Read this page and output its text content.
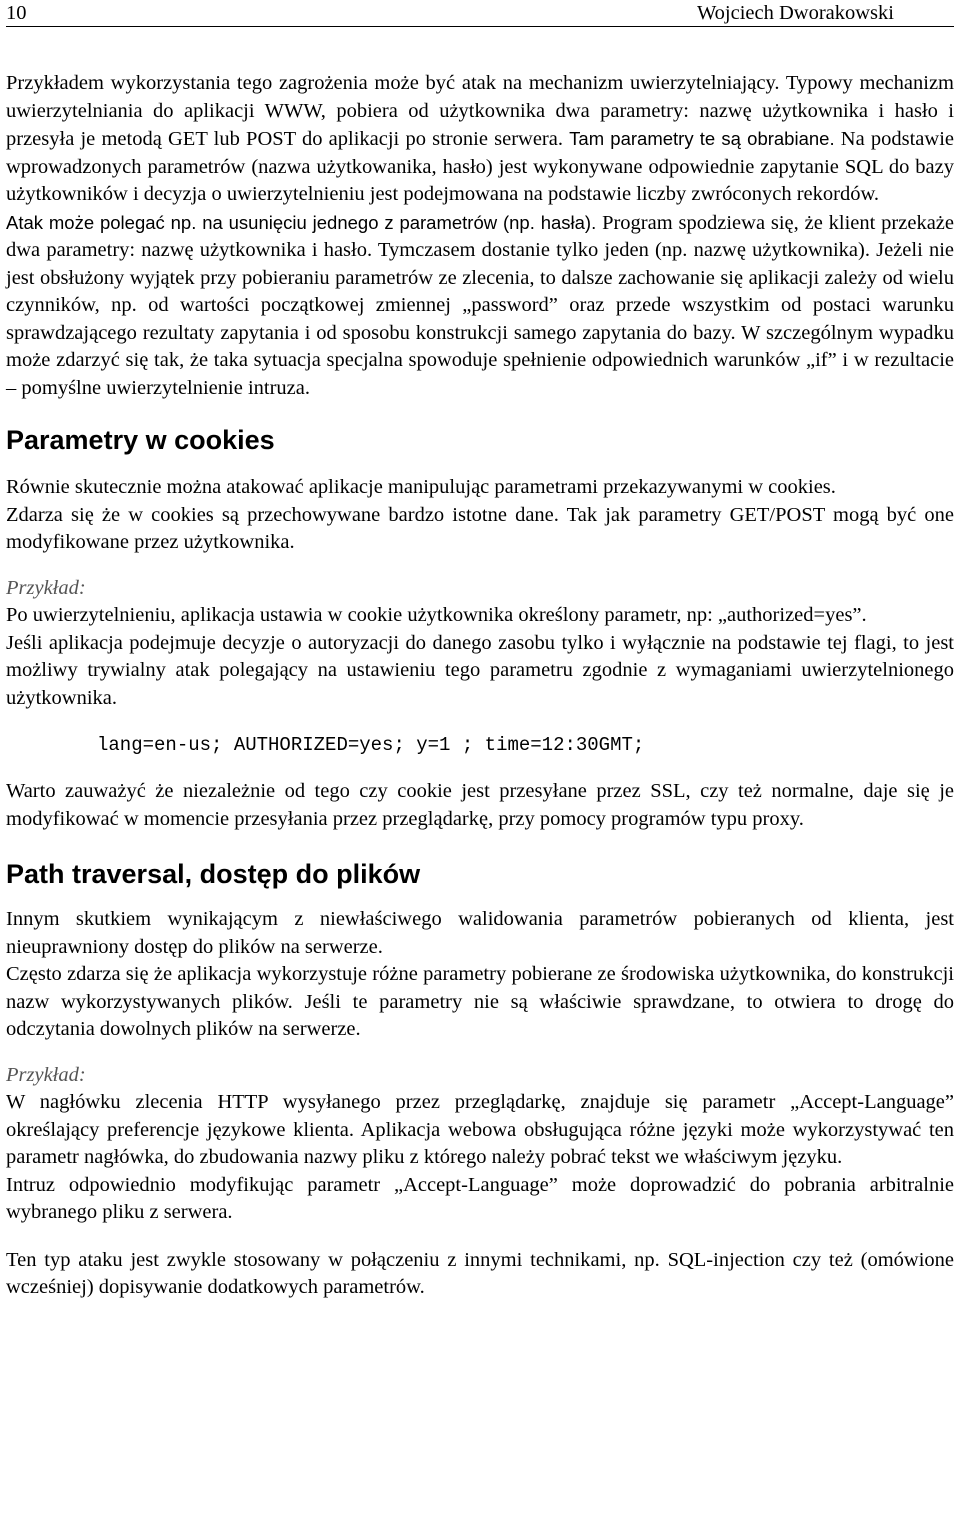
10	Wojciech Dworakowski

Przykładem wykorzystania tego zagrożenia może być atak na mechanizm uwierzytelniający. Typowy mechanizm uwierzytelniania do aplikacji WWW, pobiera od użytkownika dwa parametry: nazwę użytkownika i hasło i przesyła je metodą GET lub POST do aplikacji po stronie serwera. Tam parametry te są obrabiane. Na podstawie wprowadzonych parametrów (nazwa użytkowanika, hasło) jest wykonywane odpowiednie zapytanie SQL do bazy użytkowników i decyzja o uwierzytelnieniu jest podejmowana na podstawie liczby zwróconych rekordów.
Atak może polegać np. na usunięciu jednego z parametrów (np. hasła). Program spodziewa się, że klient przekaże dwa parametry: nazwę użytkownika i hasło. Tymczasem dostanie tylko jeden (np. nazwę użytkownika). Jeżeli nie jest obsłużony wyjątek przy pobieraniu parametrów ze zlecenia, to dalsze zachowanie się aplikacji zależy od wielu czynników, np. od wartości początkowej zmiennej „password” oraz przede wszystkim od postaci warunku sprawdzającego rezultaty zapytania i od sposobu konstrukcji samego zapytania do bazy. W szczególnym wypadku może zdarzyć się tak, że taka sytuacja specjalna spowoduje spełnienie odpowiednich warunków „if” i w rezultacie – pomyślne uwierzytelnienie intruza.

Parametry w cookies

Równie skutecznie można atakować aplikacje manipulując parametrami przekazywanymi w cookies.

Zdarza się że w cookies są przechowywane bardzo istotne dane. Tak jak parametry GET/POST mogą być one modyfikowane przez użytkownika.

Przykład:

Po uwierzytelnieniu, aplikacja ustawia w cookie użytkownika określony parametr, np: „authorized=yes”.

Jeśli aplikacja podejmuje decyzje o autoryzacji do danego zasobu tylko i wyłącznie na podstawie tej flagi, to jest możliwy trywialny atak polegający na ustawieniu tego parametru zgodnie z wymaganiami uwierzytelnionego użytkownika.

lang=en-us; AUTHORIZED=yes; y=1 ; time=12:30GMT;

Warto zauważyć że niezależnie od tego czy cookie jest przesyłane przez SSL, czy też normalne, daje się je modyfikować w momencie przesyłania przez przeglądarkę, przy pomocy programów typu proxy.

Path traversal, dostęp do plików

Innym skutkiem wynikającym z niewłaściwego walidowania parametrów pobieranych od klienta, jest nieuprawniony dostęp do plików na serwerze.

Często zdarza się że aplikacja wykorzystuje różne parametry pobierane ze środowiska użytkownika, do konstrukcji nazw wykorzystywanych plików. Jeśli te parametry nie są właściwie sprawdzane, to otwiera to drogę do odczytania dowolnych plików na serwerze.

Przykład:

W nagłówku zlecenia HTTP wysyłanego przez przeglądarkę, znajduje się parametr „Accept-Language” określający preferencje językowe klienta. Aplikacja webowa obsługująca różne języki może wykorzystywać ten parametr nagłówka, do zbudowania nazwy pliku z którego należy pobrać tekst we właściwym języku.

Intruz odpowiednio modyfikując parametr „Accept-Language” może doprowadzić do pobrania arbitralnie wybranego pliku z serwera.

Ten typ ataku jest zwykle stosowany w połączeniu z innymi technikami, np. SQL-injection czy też (omówione wcześniej) dopisywanie dodatkowych parametrów.
